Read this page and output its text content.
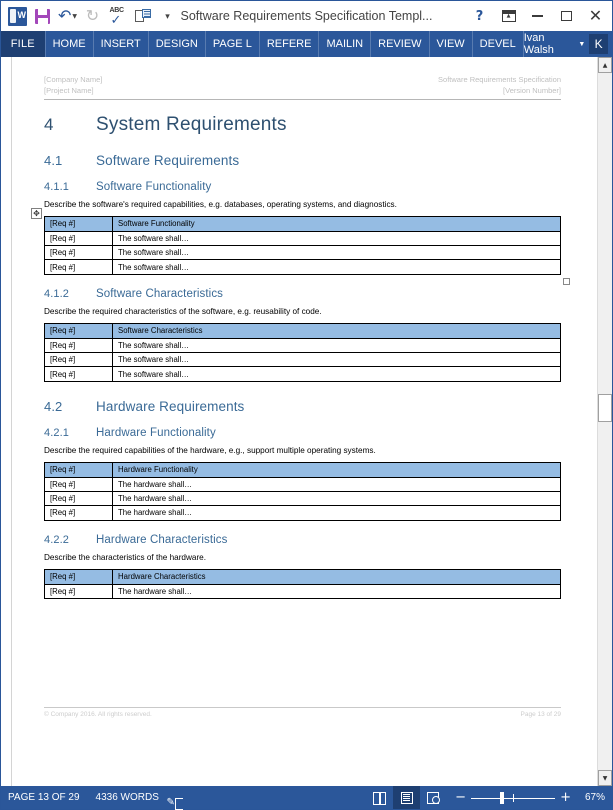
W ↶ ▼ ↻ ABC
✓	▾ Software Requirements Specification Templ...	? ▲	✕
FILE	HOME	INSERT	DESIGN	PAGE L	REFERE	MAILIN	REVIEW	VIEW	DEVEL Ivan Walsh	▼ K
[Company Name]
[Project Name]
Software Requirements Specification
[Version Number]
4	System Requirements
4.1	Software Requirements
4.1.1	Software Functionality

Describe the software's required capabilities, e.g. databases, operating systems, and diagnostics.

✥
[Req #]	Software Functionality
[Req #]	The software shall…
[Req #]	The software shall…
[Req #]	The software shall…
4.1.2	Software Characteristics

Describe the required characteristics of the software, e.g. reusability of code.

[Req #]	Software Characteristics
[Req #]	The software shall…
[Req #]	The software shall…
[Req #]	The software shall…
4.2	Hardware Requirements
4.2.1	Hardware Functionality

Describe the required capabilities of the hardware, e.g., support multiple operating systems.

[Req #]	Hardware Functionality
[Req #]	The hardware shall…
[Req #]	The hardware shall…
[Req #]	The hardware shall…
4.2.2	Hardware Characteristics

Describe the characteristics of the hardware.

[Req #]	Hardware Characteristics
[Req #]	The hardware shall…
© Company 2016. All rights reserved.	Page 13 of 29
▲
▼
PAGE 13 OF 29 4336 WORDS ✎	−	+ 67%
